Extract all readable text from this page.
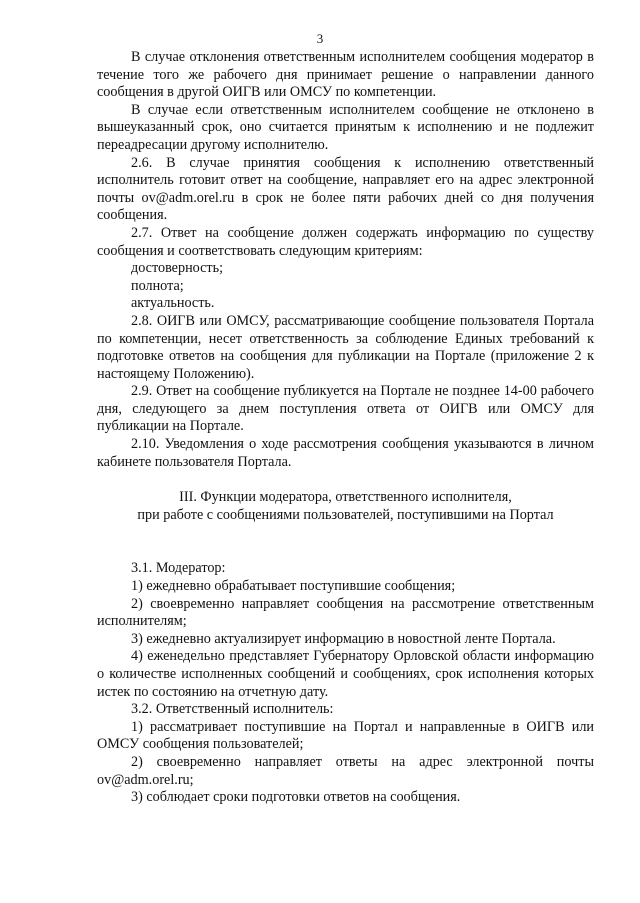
3

В случае отклонения ответственным исполнителем сообщения модератор в течение того же рабочего дня принимает решение о направлении данного сообщения в другой ОИГВ или ОМСУ по компетенции.

В случае если ответственным исполнителем сообщение не отклонено в вышеуказанный срок, оно считается принятым к исполнению и не подлежит переадресации другому исполнителю.

2.6. В случае принятия сообщения к исполнению ответственный исполнитель готовит ответ на сообщение, направляет его на адрес электронной почты ov@adm.orel.ru в срок не более пяти рабочих дней со дня получения сообщения.

2.7. Ответ на сообщение должен содержать информацию по существу сообщения и соответствовать следующим критериям:

достоверность;

полнота;

актуальность.

2.8. ОИГВ или ОМСУ, рассматривающие сообщение пользователя Портала по компетенции, несет ответственность за соблюдение Единых требований к подготовке ответов на сообщения для публикации на Портале (приложение 2 к настоящему Положению).

2.9. Ответ на сообщение публикуется на Портале не позднее 14-00 рабочего дня, следующего за днем поступления ответа от ОИГВ или ОМСУ для публикации на Портале.

2.10. Уведомления о ходе рассмотрения сообщения указываются в личном кабинете пользователя Портала.

III. Функции модератора, ответственного исполнителя,

при работе с сообщениями пользователей, поступившими на Портал

3.1. Модератор:

1) ежедневно обрабатывает поступившие сообщения;

2) своевременно направляет сообщения на рассмотрение ответственным исполнителям;

3) ежедневно актуализирует информацию в новостной ленте Портала.

4) еженедельно представляет Губернатору Орловской области информацию о количестве исполненных сообщений и сообщениях, срок исполнения которых истек по состоянию на отчетную дату.

3.2. Ответственный исполнитель:

1) рассматривает поступившие на Портал и направленные в ОИГВ или ОМСУ сообщения пользователей;

2) своевременно направляет ответы на адрес электронной почты ov@adm.orel.ru;

3) соблюдает сроки подготовки ответов на сообщения.
